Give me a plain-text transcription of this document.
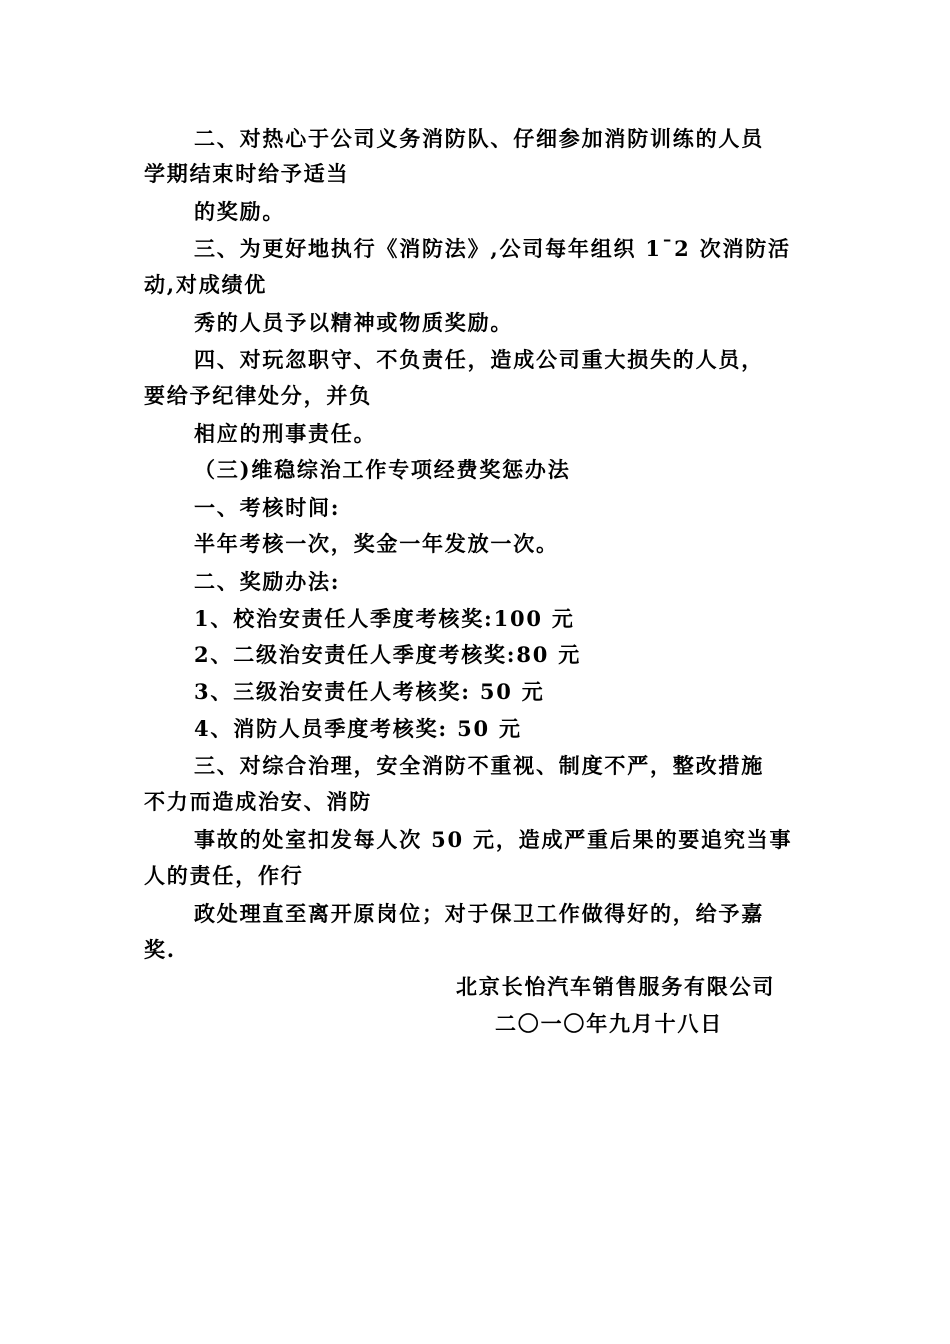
二、对热心于公司义务消防队、仔细参加消防训练的人员
学期结束时给予适当
的奖励。
三、为更好地执行《消防法》,公司每年组织 1¯2 次消防活
动,对成绩优
秀的人员予以精神或物质奖励。
四、对玩忽职守、不负责任，造成公司重大损失的人员，
要给予纪律处分，并负
相应的刑事责任。
（三)维稳综治工作专项经费奖惩办法
一、考核时间:
半年考核一次，奖金一年发放一次。
二、奖励办法:
1、校治安责任人季度考核奖:100 元
2、二级治安责任人季度考核奖:80 元
3、三级治安责任人考核奖: 50 元
4、消防人员季度考核奖: 50 元
三、对综合治理，安全消防不重视、制度不严，整改措施
不力而造成治安、消防
事故的处室扣发每人次 50 元，造成严重后果的要追究当事
人的责任，作行
政处理直至离开原岗位；对于保卫工作做得好的，给予嘉
奖.
北京长怡汽车销售服务有限公司
二〇一〇年九月十八日
